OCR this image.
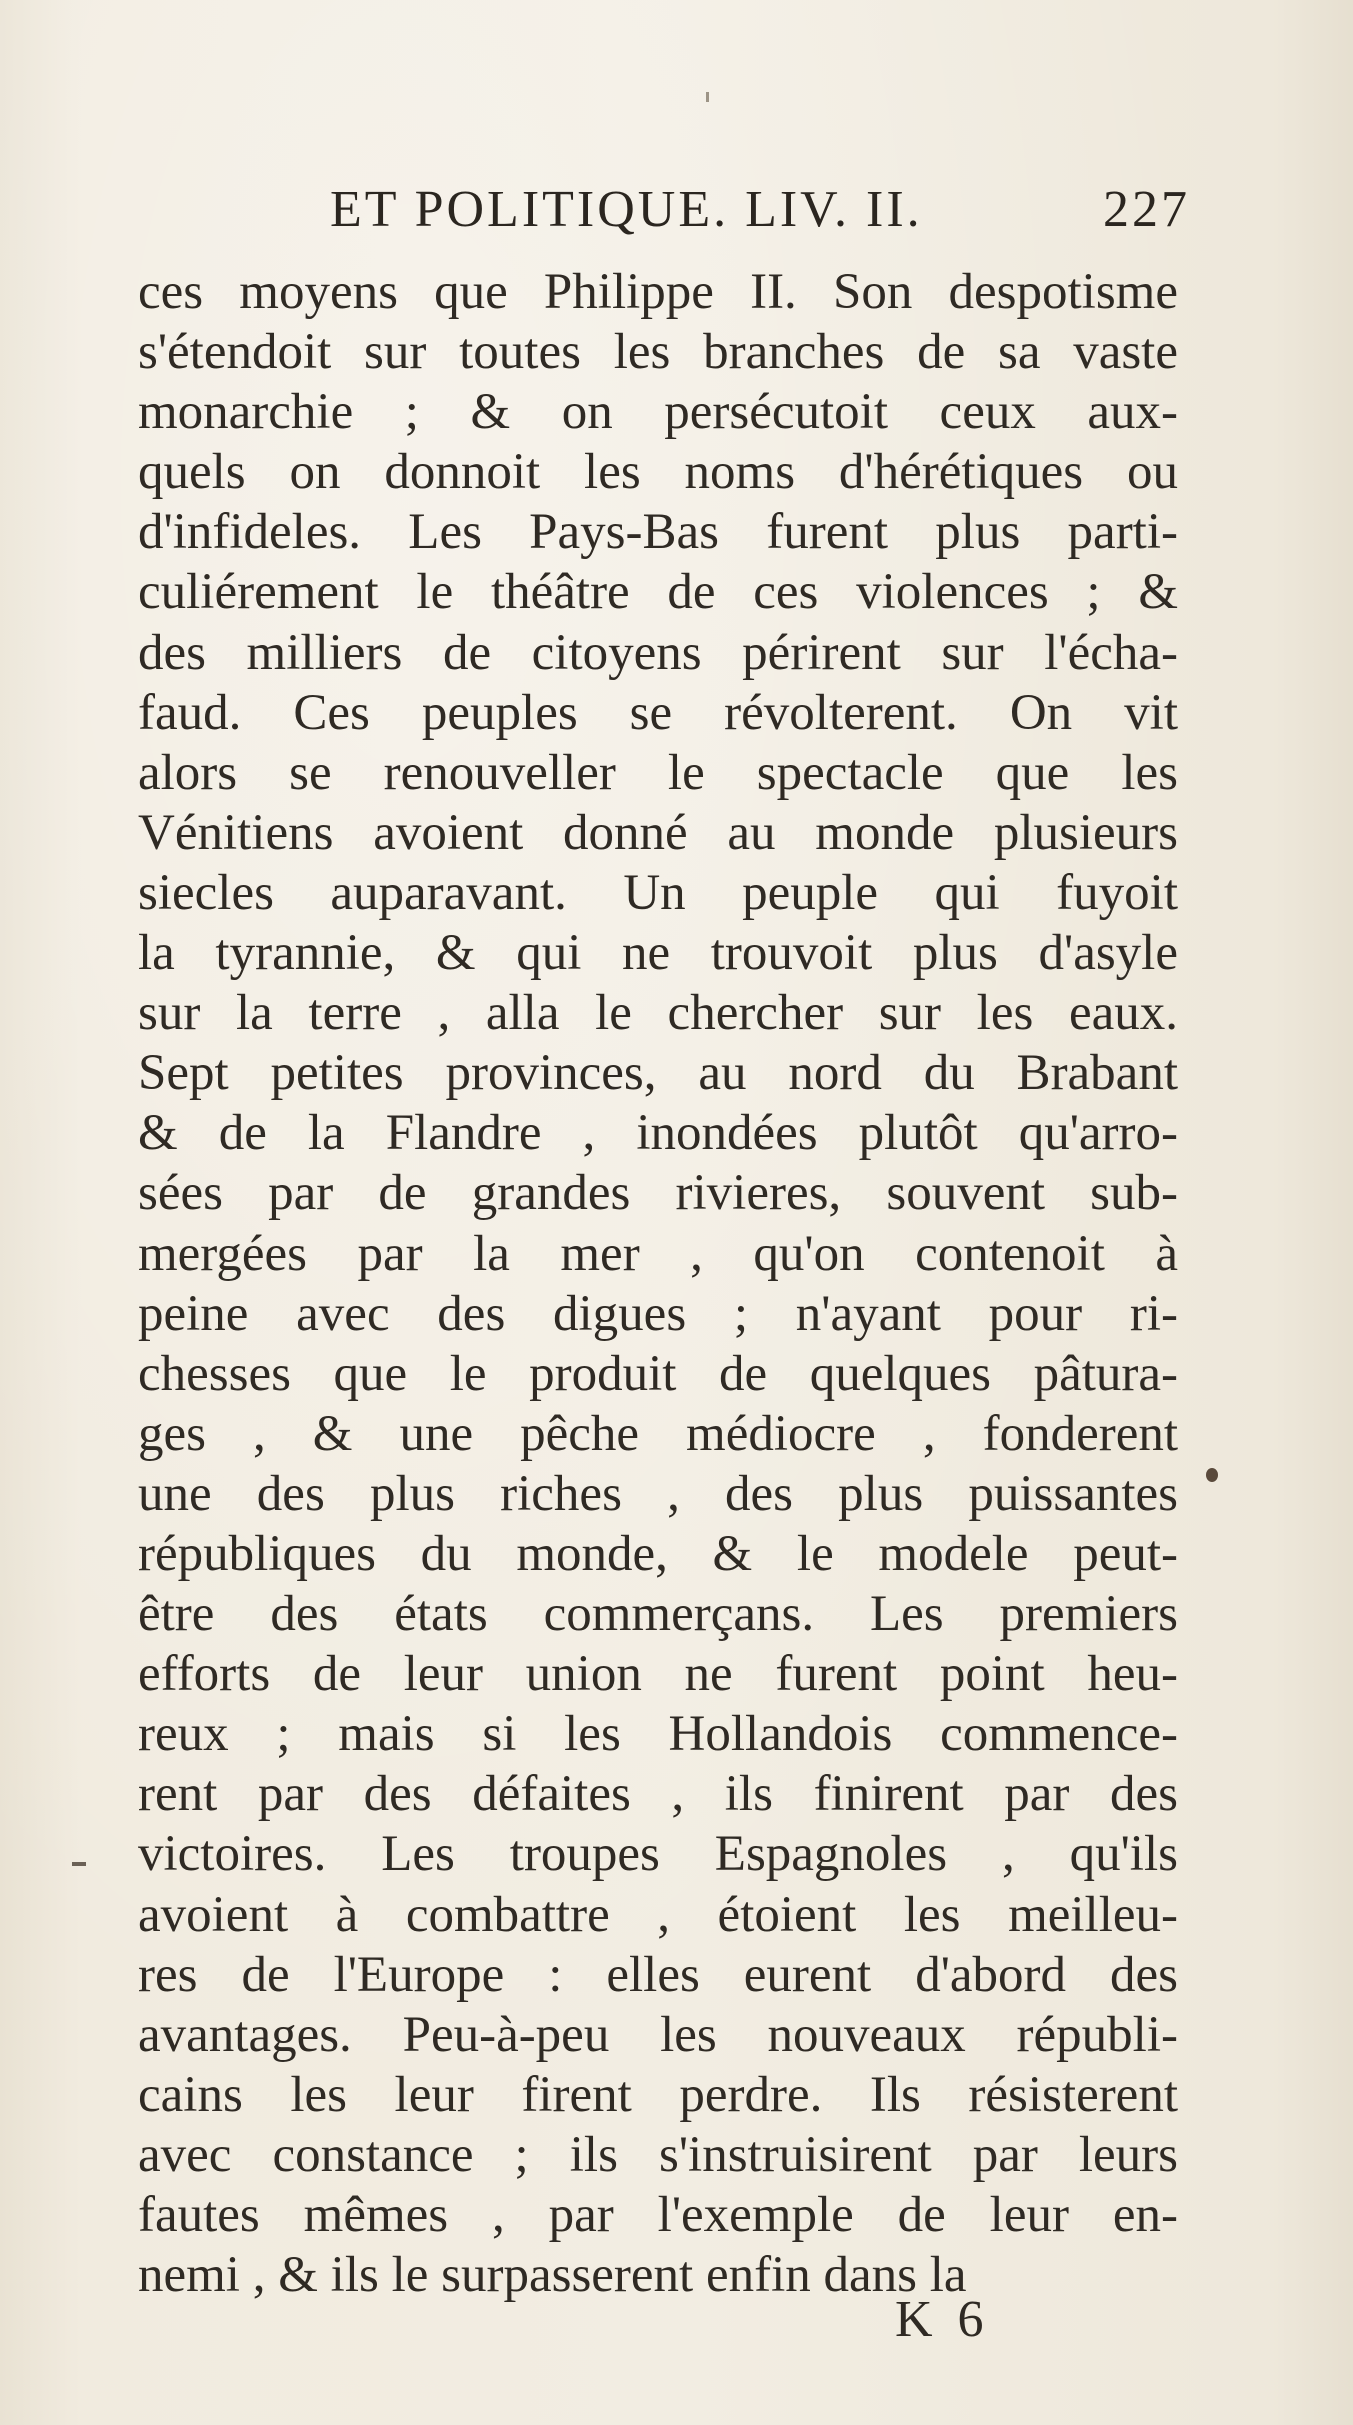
ET POLITIQUE. LIV. II.	227
ces moyens que Philippe II. Son despotisme
s'étendoit sur toutes les branches de sa vaste
monarchie ; & on persécutoit ceux aux-
quels on donnoit les noms d'hérétiques ou
d'infideles. Les Pays-Bas furent plus parti-
culiérement le théâtre de ces violences ; &
des milliers de citoyens périrent sur l'écha-
faud. Ces peuples se révolterent. On vit
alors se renouveller le spectacle que les
Vénitiens avoient donné au monde plusieurs
siecles auparavant. Un peuple qui fuyoit
la tyrannie, & qui ne trouvoit plus d'asyle
sur la terre , alla le chercher sur les eaux.
Sept petites provinces, au nord du Brabant
& de la Flandre , inondées plutôt qu'arro-
sées par de grandes rivieres, souvent sub-
mergées par la mer , qu'on contenoit à
peine avec des digues ; n'ayant pour ri-
chesses que le produit de quelques pâtura-
ges , & une pêche médiocre , fonderent
une des plus riches , des plus puissantes
républiques du monde, & le modele peut-
être des états commerçans. Les premiers
efforts de leur union ne furent point heu-
reux ; mais si les Hollandois commence-
rent par des défaites , ils finirent par des
victoires. Les troupes Espagnoles , qu'ils
avoient à combattre , étoient les meilleu-
res de l'Europe : elles eurent d'abord des
avantages. Peu-à-peu les nouveaux républi-
cains les leur firent perdre. Ils résisterent
avec constance ; ils s'instruisirent par leurs
fautes mêmes , par l'exemple de leur en-
nemi , & ils le surpasserent enfin dans la
K 6
